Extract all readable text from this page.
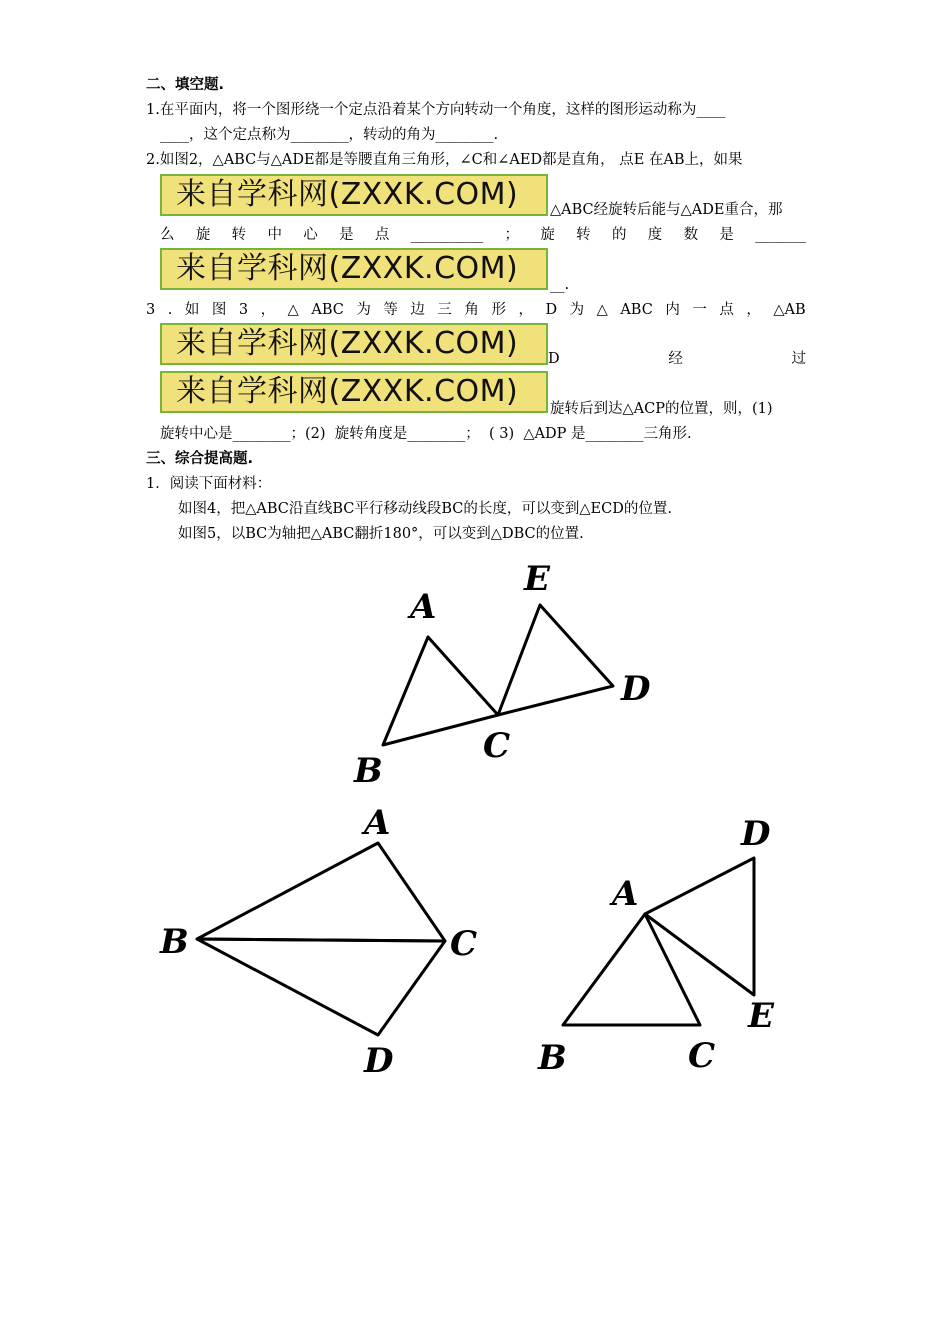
二、填空题.
1.在平面内，将一个图形绕一个定点沿着某个方向转动一个角度，这样的图形运动称为____
____，这个定点称为________，转动的角为________.
2.如图2，△ABC与△ADE都是等腰直角三角形，∠C和∠AED都是直角， 点E 在AB上，如果
来自学科网(ZXXK.COM)	△ABC经旋转后能与△ADE重合，那
么 旋 转 中 心 是 点 __________ ； 旋 转 的 度 数 是 _______
来自学科网(ZXXK.COM)	__.
3 . 如 图 3 ， △ ABC 为 等 边 三 角 形 ， D 为 △ ABC 内 一 点 ， △AB
来自学科网(ZXXK.COM)	D	经	过
来自学科网(ZXXK.COM)	旋转后到达△ACP的位置，则，(1)
旋转中心是________；(2)  旋转角度是________；  ( 3)  △ADP 是________三角形.
三、综合提高题.
1．阅读下面材料：
如图4，把△ABC沿直线BC平行移动线段BC的长度，可以变到△ECD的位置.
如图5，以BC为轴把△ABC翻折180°，可以变到△DBC的位置.
A
E
B
C
D
A
B	C
D
A
D
E
B	C
